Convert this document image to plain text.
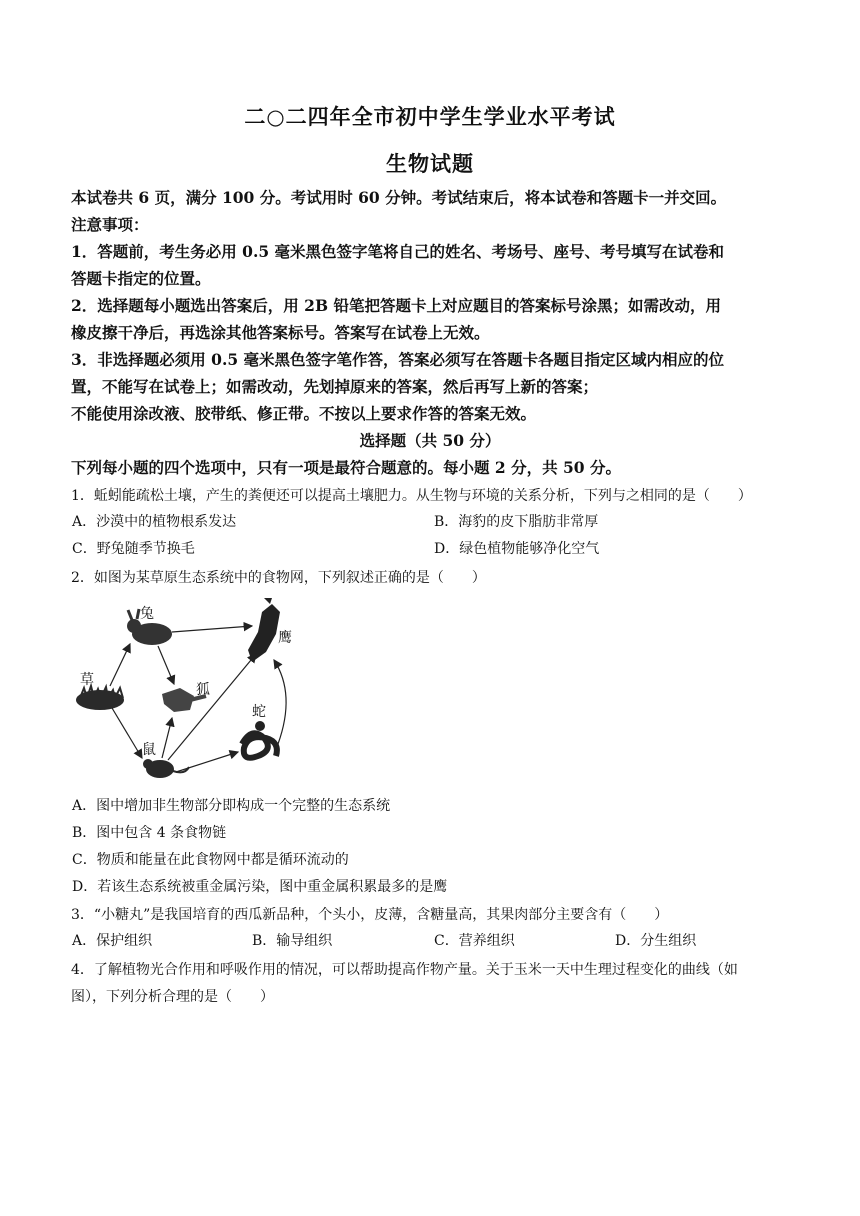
二○二四年全市初中学生学业水平考试
生物试题
本试卷共 6 页，满分 100 分。考试用时 60 分钟。考试结束后，将本试卷和答题卡一并交回。
注意事项：
1．答题前，考生务必用 0.5 毫米黑色签字笔将自己的姓名、考场号、座号、考号填写在试卷和
答题卡指定的位置。
2．选择题每小题选出答案后，用 2B 铅笔把答题卡上对应题目的答案标号涂黑；如需改动，用
橡皮擦干净后，再选涂其他答案标号。答案写在试卷上无效。
3．非选择题必须用 0.5 毫米黑色签字笔作答，答案必须写在答题卡各题目指定区域内相应的位
置，不能写在试卷上；如需改动，先划掉原来的答案，然后再写上新的答案；
不能使用涂改液、胶带纸、修正带。不按以上要求作答的答案无效。
选择题（共 50 分）
下列每小题的四个选项中，只有一项是最符合题意的。每小题 2 分，共 50 分。
1．蚯蚓能疏松土壤，产生的粪便还可以提高土壤肥力。从生物与环境的关系分析，下列与之相同的是（　　）
A．沙漠中的植物根系发达	B．海豹的皮下脂肪非常厚
C．野兔随季节换毛	D．绿色植物能够净化空气
2．如图为某草原生态系统中的食物网，下列叙述正确的是（　　）
草
兔
狐
鼠
鹰
蛇
A．图中增加非生物部分即构成一个完整的生态系统
B．图中包含 4 条食物链
C．物质和能量在此食物网中都是循环流动的
D．若该生态系统被重金属污染，图中重金属积累最多的是鹰
3．“小糖丸”是我国培育的西瓜新品种，个头小，皮薄，含糖量高，其果肉部分主要含有（　　）
A．保护组织	B．输导组织	C．营养组织	D．分生组织
4．了解植物光合作用和呼吸作用的情况，可以帮助提高作物产量。关于玉米一天中生理过程变化的曲线（如
图），下列分析合理的是（　　）
